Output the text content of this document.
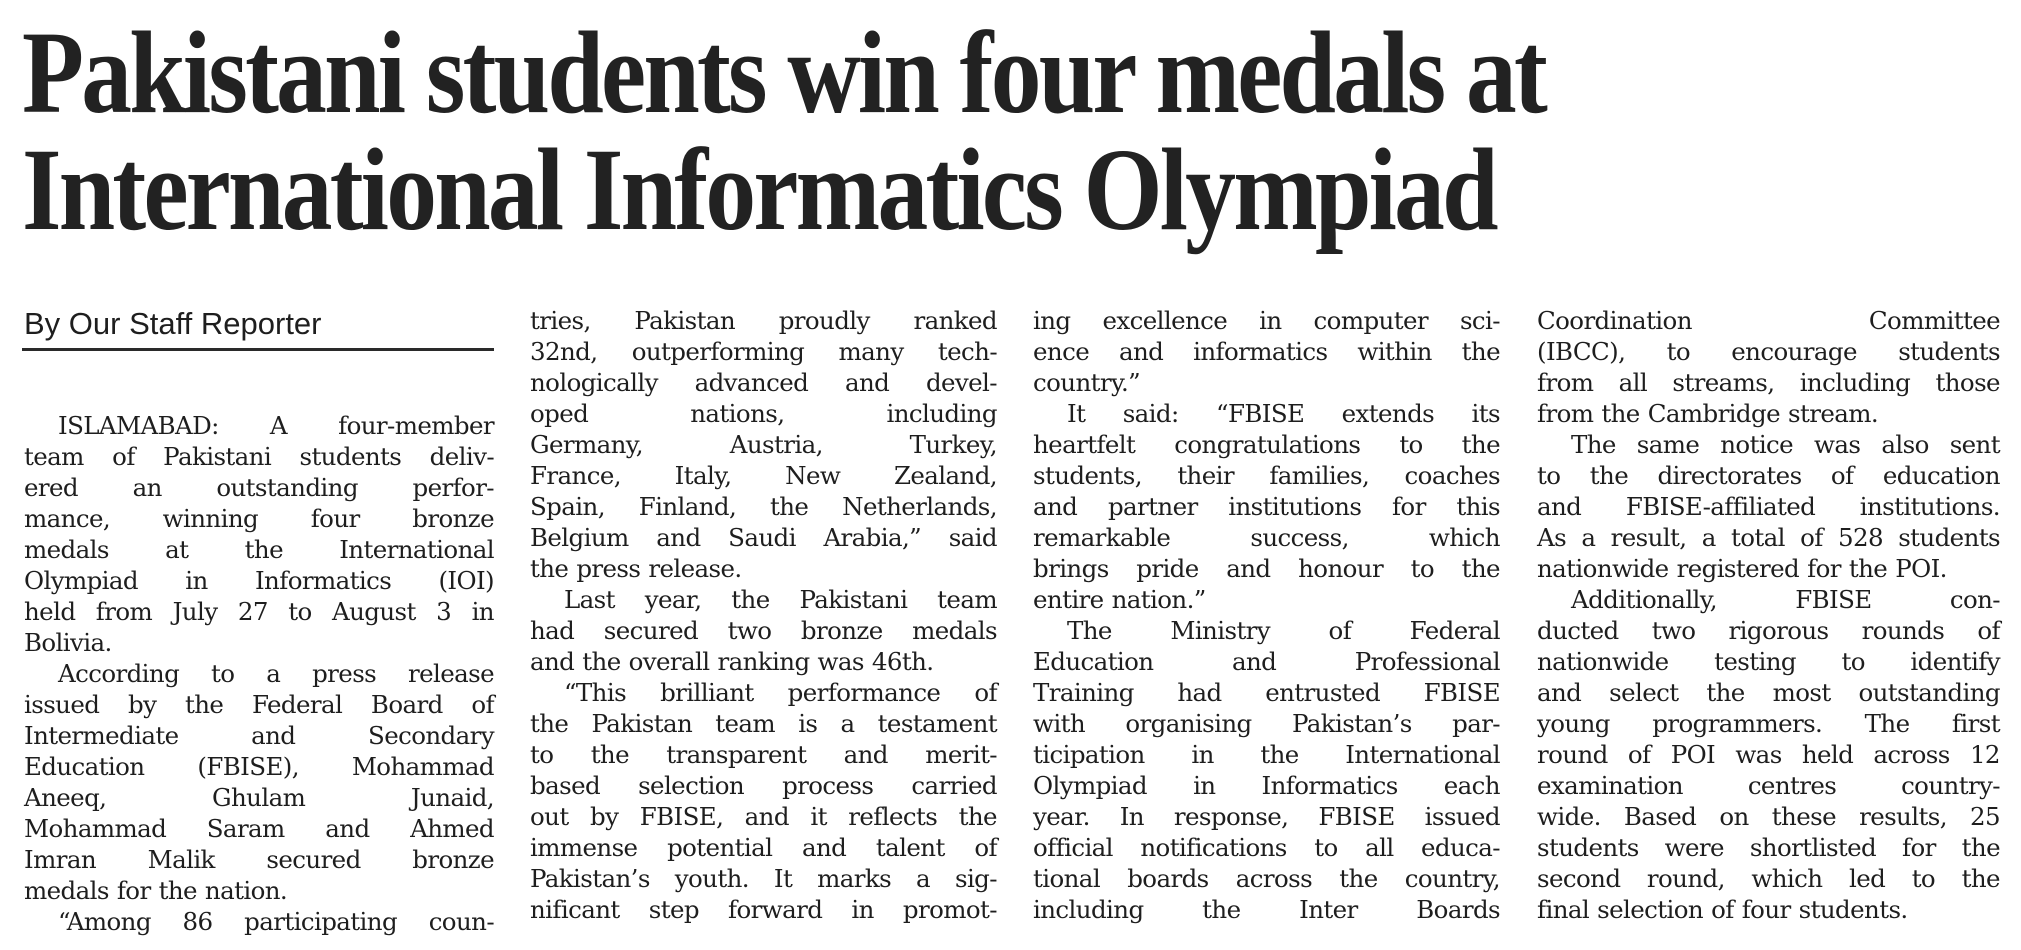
Pakistani students win four medals at
International Informatics Olympiad
By Our Staff Reporter
ISLAMABAD: A four-member
team of Pakistani students deliv-
ered an outstanding perfor-
mance, winning four bronze
medals at the International
Olympiad in Informatics (IOI)
held from July 27 to August 3 in
Bolivia.
According to a press release
issued by the Federal Board of
Intermediate	and	Secondary
Education (FBISE), Mohammad
Aneeq,	Ghulam	Junaid,
Mohammad Saram and Ahmed
Imran Malik secured bronze
medals for the nation.
“Among 86 participating coun-
tries, Pakistan proudly ranked
32nd, outperforming many tech-
nologically advanced and devel-
oped	nations,	including
Germany,	Austria,	Turkey,
France, Italy, New Zealand,
Spain, Finland, the Netherlands,
Belgium and Saudi Arabia,” said
the press release.
Last year, the Pakistani team
had secured two bronze medals
and the overall ranking was 46th.
“This brilliant performance of
the Pakistan team is a testament
to the transparent and merit-
based selection process carried
out by FBISE, and it reflects the
immense potential and talent of
Pakistan’s youth. It marks a sig-
nificant step forward in promot-
ing excellence in computer sci-
ence and informatics within the
country.”
It said: “FBISE extends its
heartfelt congratulations to the
students, their families, coaches
and partner institutions for this
remarkable	success,	which
brings pride and honour to the
entire nation.”
The Ministry of Federal
Education	and	Professional
Training had entrusted FBISE
with organising Pakistan’s par-
ticipation in the International
Olympiad in Informatics each
year. In response, FBISE issued
official notifications to all educa-
tional boards across the country,
including the Inter Boards
Coordination	Committee
(IBCC), to encourage students
from all streams, including those
from the Cambridge stream.
The same notice was also sent
to the directorates of education
and FBISE-affiliated institutions.
As a result, a total of 528 students
nationwide registered for the POI.
Additionally,	FBISE	con-
ducted two rigorous rounds of
nationwide testing to identify
and select the most outstanding
young programmers. The first
round of POI was held across 12
examination	centres	country-
wide. Based on these results, 25
students were shortlisted for the
second round, which led to the
final selection of four students.
